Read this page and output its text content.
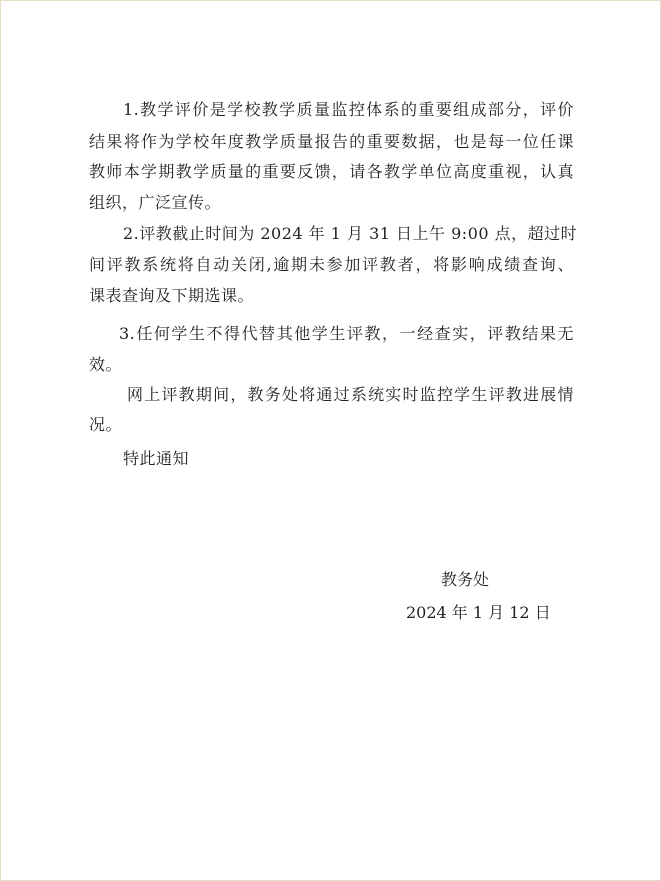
1.教学评价是学校教学质量监控体系的重要组成部分，评价
结果将作为学校年度教学质量报告的重要数据，也是每一位任课
教师本学期教学质量的重要反馈，请各教学单位高度重视，认真
组织，广泛宣传。
2.评教截止时间为 2024 年 1 月 31 日上午 9:00 点，超过时
间评教系统将自动关闭,逾期未参加评教者，将影响成绩查询、
课表查询及下期选课。
3.任何学生不得代替其他学生评教，一经查实，评教结果无
效。
网上评教期间，教务处将通过系统实时监控学生评教进展情
况。
特此通知
教务处
2024 年 1 月 12 日
